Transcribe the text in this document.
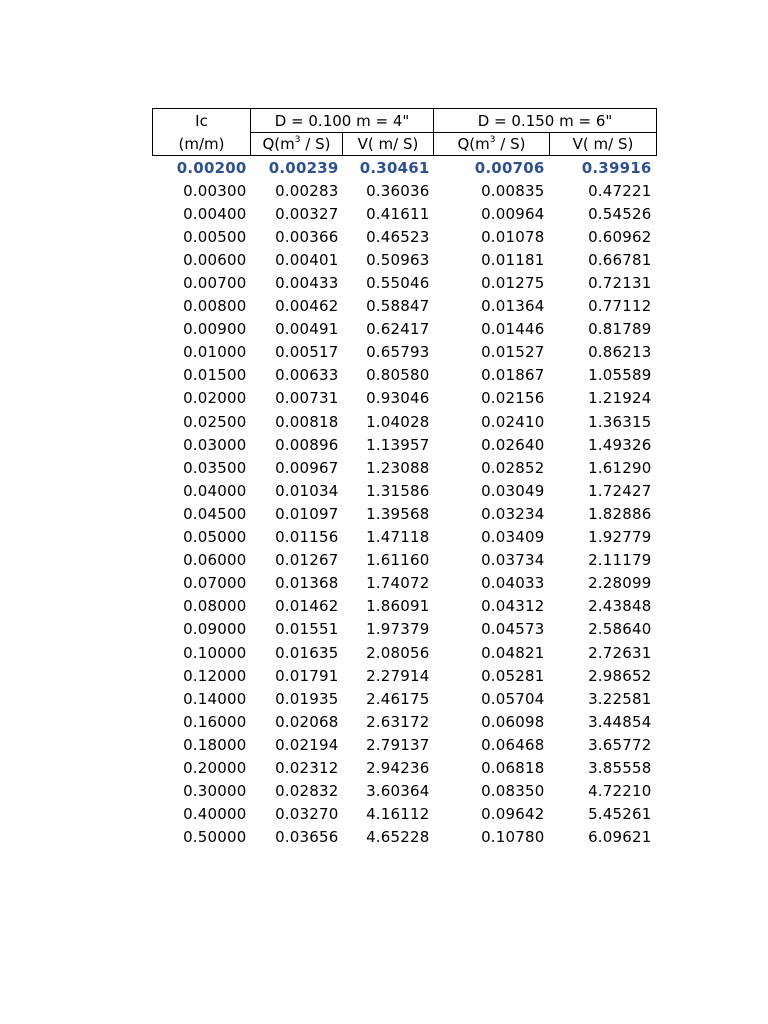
Ic	D = 0.100 m = 4"		D = 0.150 m = 6"	
(m/m)	$Q(m^3 / S)$	V( m/ S)	$Q(m^3 / S)$	V( m/ S)
0.00200	0.00239	0.30461	0.00706	0.39916
0.00300	0.00283	0.36036	0.00835	0.47221
0.00400	0.00327	0.41611	0.00964	0.54526
0.00500	0.00366	0.46523	0.01078	0.60962
0.00600	0.00401	0.50963	0.01181	0.66781
0.00700	0.00433	0.55046	0.01275	0.72131
0.00800	0.00462	0.58847	0.01364	0.77112
0.00900	0.00491	0.62417	0.01446	0.81789
0.01000	0.00517	0.65793	0.01527	0.86213
0.01500	0.00633	0.80580	0.01867	1.05589
0.02000	0.00731	0.93046	0.02156	1.21924
0.02500	0.00818	1.04028	0.02410	1.36315
0.03000	0.00896	1.13957	0.02640	1.49326
0.03500	0.00967	1.23088	0.02852	1.61290
0.04000	0.01034	1.31586	0.03049	1.72427
0.04500	0.01097	1.39568	0.03234	1.82886
0.05000	0.01156	1.47118	0.03409	1.92779
0.06000	0.01267	1.61160	0.03734	2.11179
0.07000	0.01368	1.74072	0.04033	2.28099
0.08000	0.01462	1.86091	0.04312	2.43848
0.09000	0.01551	1.97379	0.04573	2.58640
0.10000	0.01635	2.08056	0.04821	2.72631
0.12000	0.01791	2.27914	0.05281	2.98652
0.14000	0.01935	2.46175	0.05704	3.22581
0.16000	0.02068	2.63172	0.06098	3.44854
0.18000	0.02194	2.79137	0.06468	3.65772
0.20000	0.02312	2.94236	0.06818	3.85558
0.30000	0.02832	3.60364	0.08350	4.72210
0.40000	0.03270	4.16112	0.09642	5.45261
0.50000	0.03656	4.65228	0.10780	6.09621
